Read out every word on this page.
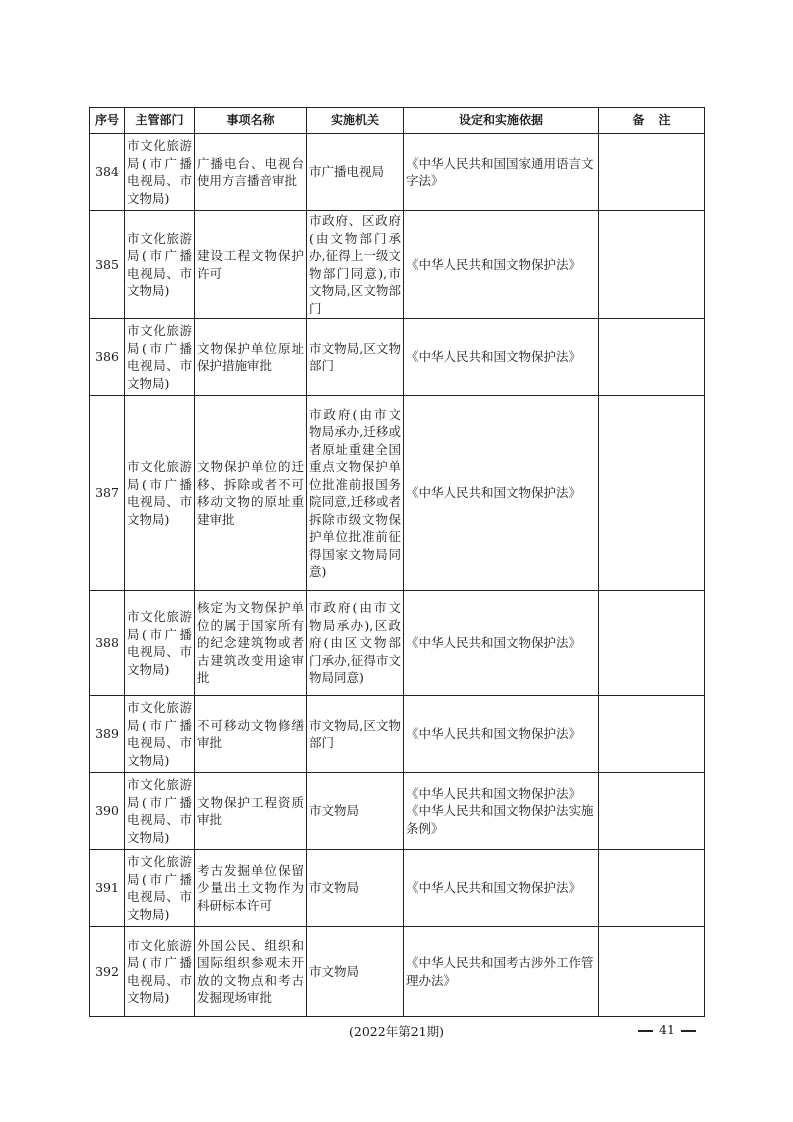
序号	主管部门	事项名称	实施机关	设定和实施依据	备注
384	市文化旅游局(市广播电视局、市文物局)	广播电台、电视台使用方言播音审批	市广播电视局	《中华人民共和国国家通用语言文字法》	
385	市文化旅游局(市广播电视局、市文物局)	建设工程文物保护许可	市政府、区政府(由文物部门承办,征得上一级文物部门同意),市文物局,区文物部门	《中华人民共和国文物保护法》	
386	市文化旅游局(市广播电视局、市文物局)	文物保护单位原址保护措施审批	市文物局,区文物部门	《中华人民共和国文物保护法》	
387	市文化旅游局(市广播电视局、市文物局)	文物保护单位的迁移、拆除或者不可移动文物的原址重建审批	市政府(由市文物局承办,迁移或者原址重建全国重点文物保护单位批准前报国务院同意,迁移或者拆除市级文物保护单位批准前征得国家文物局同意)	《中华人民共和国文物保护法》	
388	市文化旅游局(市广播电视局、市文物局)	核定为文物保护单位的属于国家所有的纪念建筑物或者古建筑改变用途审批	市政府(由市文物局承办),区政府(由区文物部门承办,征得市文物局同意)	《中华人民共和国文物保护法》	
389	市文化旅游局(市广播电视局、市文物局)	不可移动文物修缮审批	市文物局,区文物部门	《中华人民共和国文物保护法》	
390	市文化旅游局(市广播电视局、市文物局)	文物保护工程资质审批	市文物局	《中华人民共和国文物保护法》《中华人民共和国文物保护法实施条例》	
391	市文化旅游局(市广播电视局、市文物局)	考古发掘单位保留少量出土文物作为科研标本许可	市文物局	《中华人民共和国文物保护法》	
392	市文化旅游局(市广播电视局、市文物局)	外国公民、组织和国际组织参观未开放的文物点和考古发掘现场审批	市文物局	《中华人民共和国考古涉外工作管理办法》	
(2022年第21期)	41
